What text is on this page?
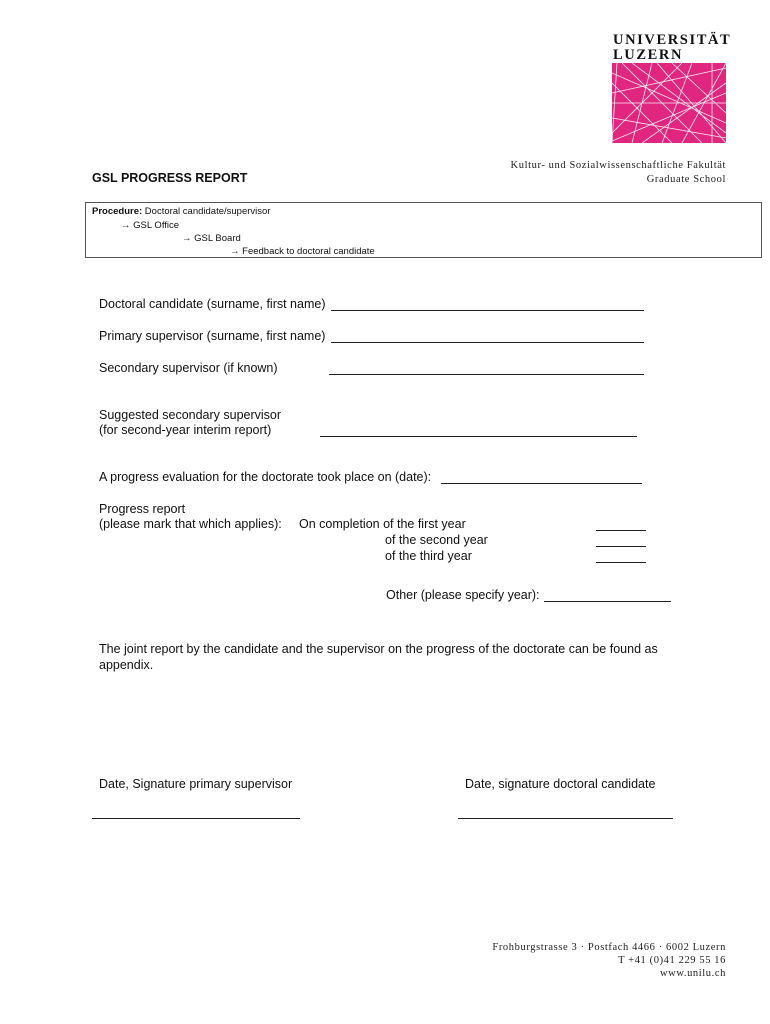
UNIVERSITÄT
LUZERN
Kultur- und Sozialwissenschaftliche Fakultät
Graduate School
GSL PROGRESS REPORT
Procedure: Doctoral candidate/supervisor
→ GSL Office
→ GSL Board
→ Feedback to doctoral candidate
Doctoral candidate (surname, first name)
Primary supervisor (surname, first name)
Secondary supervisor (if known)
Suggested secondary supervisor
(for second-year interim report)
A progress evaluation for the doctorate took place on (date):
Progress report
(please mark that which applies): On completion of the first year
of the second year
of the third year
Other (please specify year):
The joint report by the candidate and the supervisor on the progress of the doctorate can be found as appendix.
Date, Signature primary supervisor	Date, signature doctoral candidate
Frohburgstrasse 3 · Postfach 4466 · 6002 Luzern
T +41 (0)41 229 55 16
www.unilu.ch
